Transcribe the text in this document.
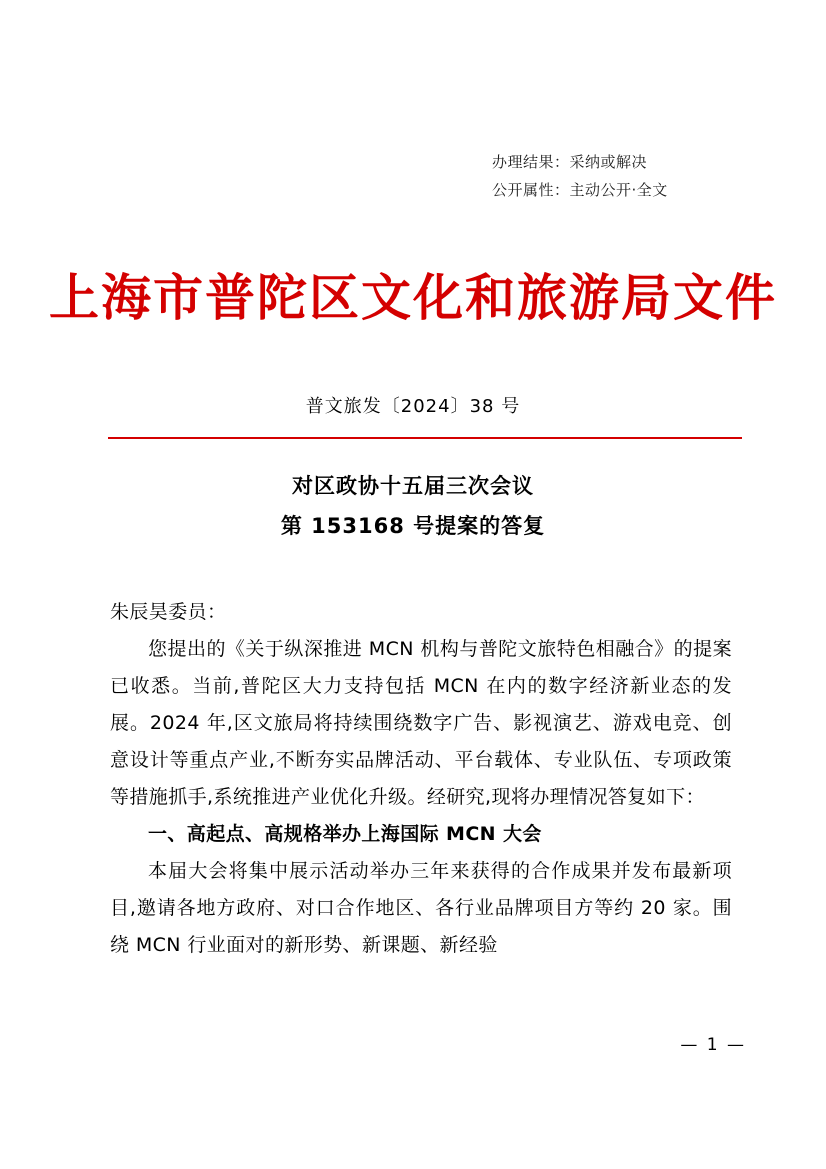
办理结果：采纳或解决
公开属性：主动公开·全文
上海市普陀区文化和旅游局文件
普文旅发〔2024〕38 号
对区政协十五届三次会议
第 153168 号提案的答复

朱辰昊委员：

您提出的《关于纵深推进 MCN 机构与普陀文旅特色相融合》的提案已收悉。当前,普陀区大力支持包括 MCN 在内的数字经济新业态的发展。2024 年,区文旅局将持续围绕数字广告、影视演艺、游戏电竞、创意设计等重点产业,不断夯实品牌活动、平台载体、专业队伍、专项政策等措施抓手,系统推进产业优化升级。经研究,现将办理情况答复如下：

一、高起点、高规格举办上海国际 MCN 大会

本届大会将集中展示活动举办三年来获得的合作成果并发布最新项目,邀请各地方政府、对口合作地区、各行业品牌项目方等约 20 家。围绕 MCN 行业面对的新形势、新课题、新经验

— 1 —
